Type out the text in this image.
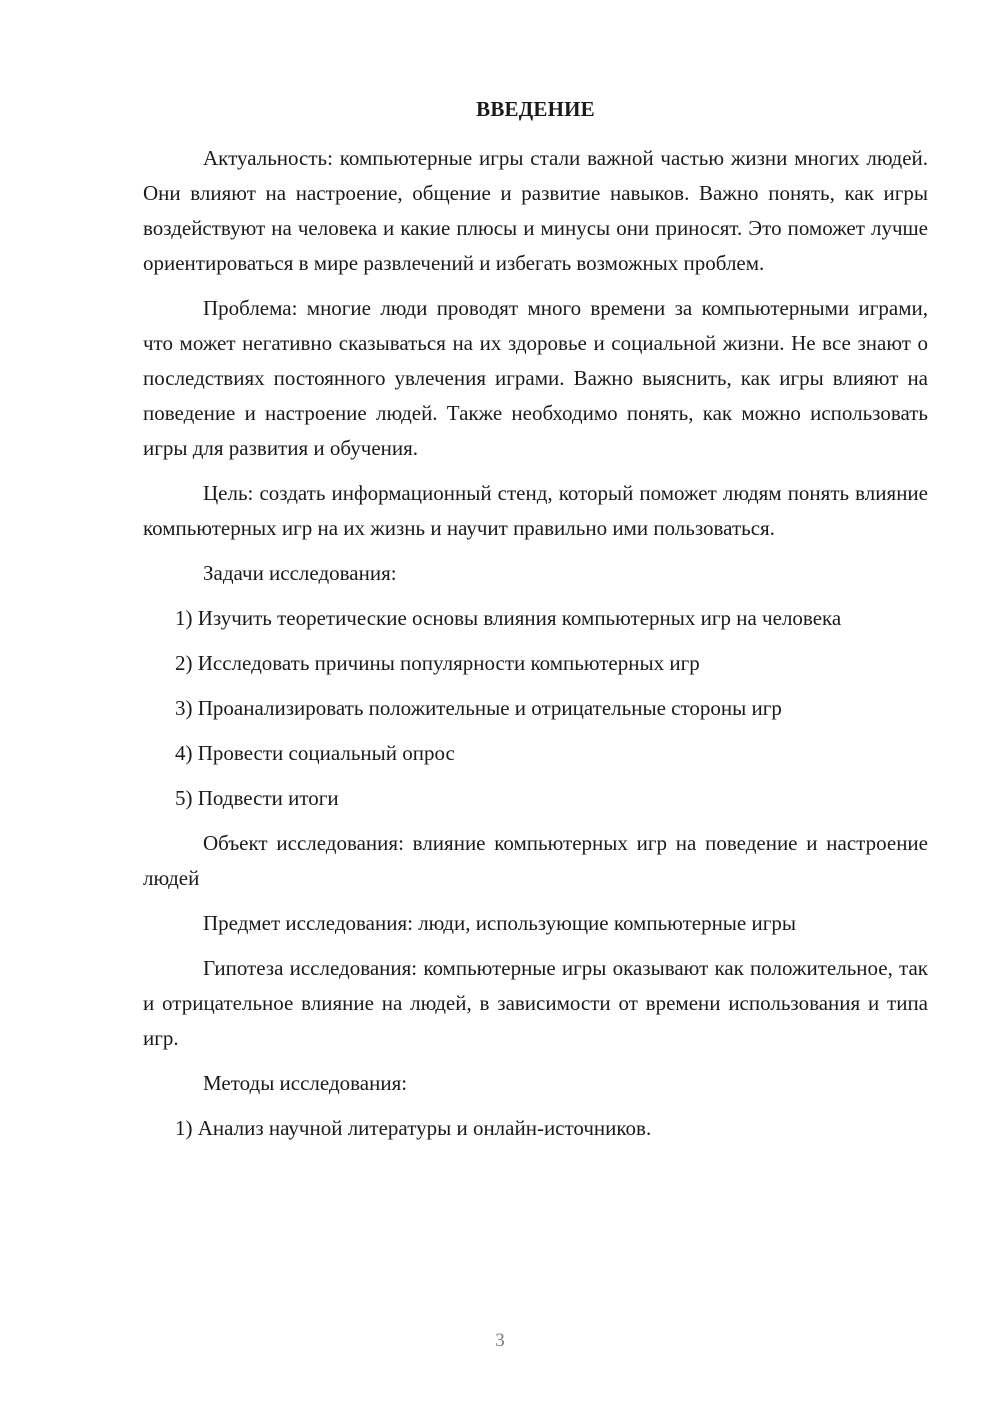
ВВЕДЕНИЕ

Актуальность: компьютерные игры стали важной частью жизни многих людей. Они влияют на настроение, общение и развитие навыков. Важно понять, как игры воздействуют на человека и какие плюсы и минусы они приносят. Это поможет лучше ориентироваться в мире развлечений и избегать возможных проблем.

Проблема: многие люди проводят много времени за компьютерными играми, что может негативно сказываться на их здоровье и социальной жизни. Не все знают о последствиях постоянного увлечения играми. Важно выяснить, как игры влияют на поведение и настроение людей. Также необходимо понять, как можно использовать игры для развития и обучения.

Цель: создать информационный стенд, который поможет людям понять влияние компьютерных игр на их жизнь и научит правильно ими пользоваться.

Задачи исследования:

1) Изучить теоретические основы влияния компьютерных игр на человека

2) Исследовать причины популярности компьютерных игр

3) Проанализировать положительные и отрицательные стороны игр

4) Провести социальный опрос

5) Подвести итоги

Объект исследования: влияние компьютерных игр на поведение и настроение людей

Предмет исследования: люди, использующие компьютерные игры

Гипотеза исследования: компьютерные игры оказывают как положительное, так и отрицательное влияние на людей, в зависимости от времени использования и типа игр.

Методы исследования:

1) Анализ научной литературы и онлайн-источников.

3
